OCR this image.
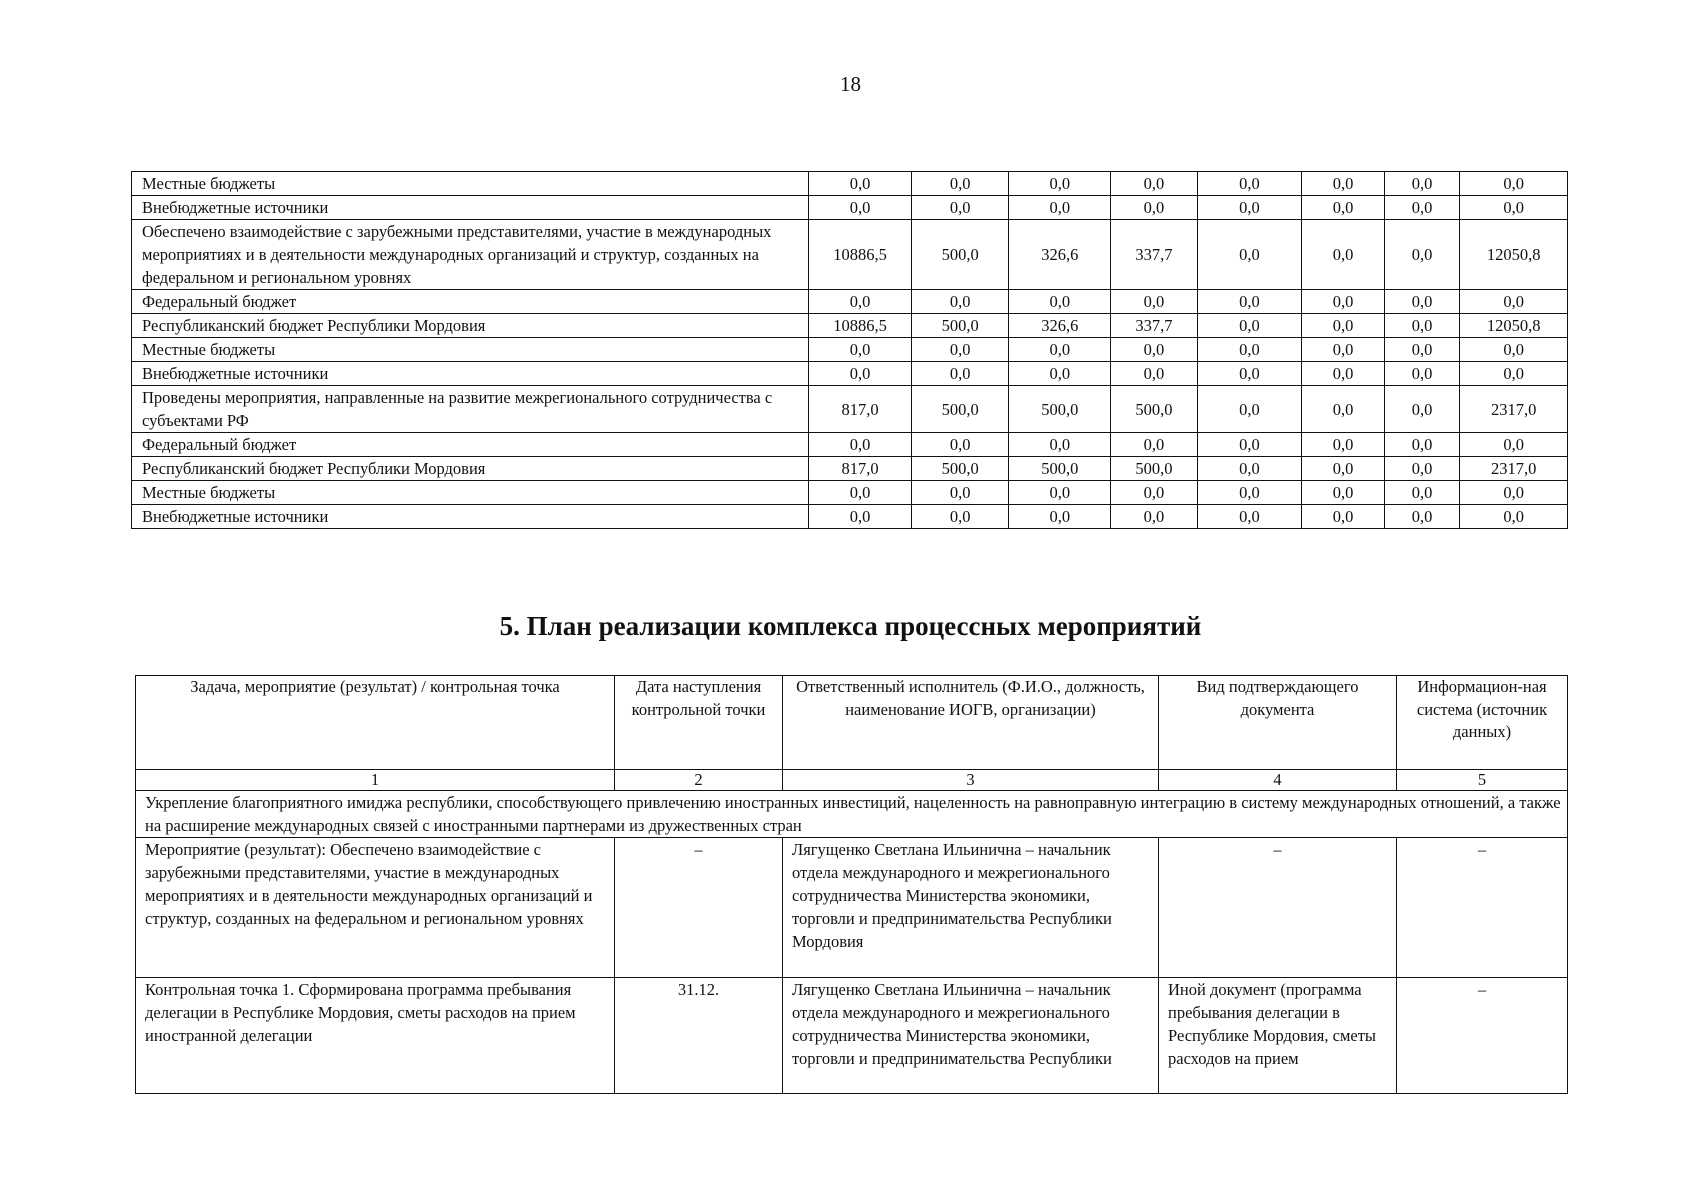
18
Местные бюджеты	0,0	0,0	0,0	0,0	0,0	0,0	0,0	0,0
Внебюджетные источники	0,0	0,0	0,0	0,0	0,0	0,0	0,0	0,0
Обеспечено взаимодействие с зарубежными представителями, участие в международных мероприятиях и в деятельности международных организаций и структур, созданных на федеральном и региональном уровнях	10886,5	500,0	326,6	337,7	0,0	0,0	0,0	12050,8
Федеральный бюджет	0,0	0,0	0,0	0,0	0,0	0,0	0,0	0,0
Республиканский бюджет Республики Мордовия	10886,5	500,0	326,6	337,7	0,0	0,0	0,0	12050,8
Местные бюджеты	0,0	0,0	0,0	0,0	0,0	0,0	0,0	0,0
Внебюджетные источники	0,0	0,0	0,0	0,0	0,0	0,0	0,0	0,0
Проведены мероприятия, направленные на развитие межрегионального сотрудничества с субъектами РФ	817,0	500,0	500,0	500,0	0,0	0,0	0,0	2317,0
Федеральный бюджет	0,0	0,0	0,0	0,0	0,0	0,0	0,0	0,0
Республиканский бюджет Республики Мордовия	817,0	500,0	500,0	500,0	0,0	0,0	0,0	2317,0
Местные бюджеты	0,0	0,0	0,0	0,0	0,0	0,0	0,0	0,0
Внебюджетные источники	0,0	0,0	0,0	0,0	0,0	0,0	0,0	0,0
5. План реализации комплекса процессных мероприятий
Задача, мероприятие (результат) / контрольная точка	Дата наступления контрольной точки	Ответственный исполнитель (Ф.И.О., должность, наименование ИОГВ, организации)	Вид подтверждающего документа	Информацион-ная система (источник данных)
1	2	3	4	5
Укрепление благоприятного имиджа республики, способствующего привлечению иностранных инвестиций, нацеленность на равноправную интеграцию в систему международных отношений, а также на расширение международных связей с иностранными партнерами из дружественных стран				
Мероприятие (результат): Обеспечено взаимодействие с зарубежными представителями, участие в международных мероприятиях и в деятельности международных организаций и структур, созданных на федеральном и региональном уровнях	–	Лягущенко Светлана Ильинична – начальник отдела международного и межрегионального сотрудничества Министерства экономики, торговли и предпринимательства Республики Мордовия	–	–
Контрольная точка 1. Сформирована программа пребывания делегации в Республике Мордовия, сметы расходов на прием иностранной делегации	31.12.	Лягущенко Светлана Ильинична – начальник отдела международного и межрегионального сотрудничества Министерства экономики, торговли и предпринимательства Республики	Иной документ (программа пребывания делегации в Республике Мордовия, сметы расходов на прием	–
